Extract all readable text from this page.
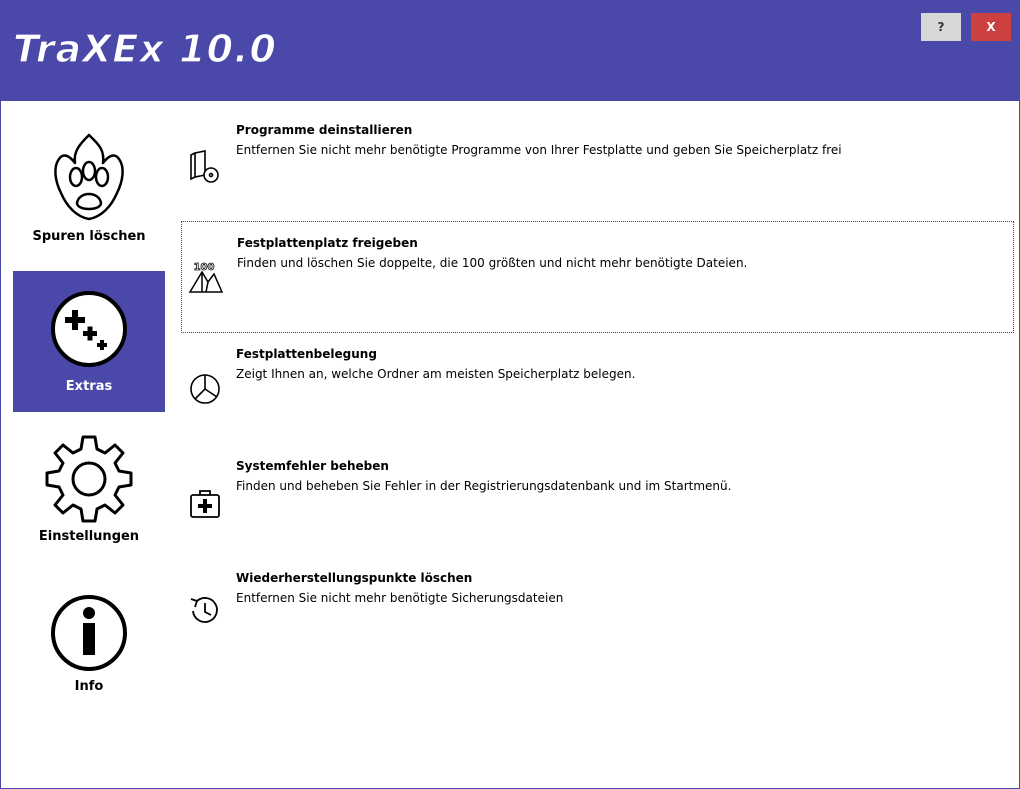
TraXEx 10.0	?	X
Spuren löschen
Extras
Einstellungen
Info
Programme deinstallieren
Entfernen Sie nicht mehr benötigte Programme von Ihrer Festplatte und geben Sie Speicherplatz frei
100
Festplattenplatz freigeben
Finden und löschen Sie doppelte, die 100 größten und nicht mehr benötigte Dateien.
Festplattenbelegung
Zeigt Ihnen an, welche Ordner am meisten Speicherplatz belegen.
Systemfehler beheben
Finden und beheben Sie Fehler in der Registrierungsdatenbank und im Startmenü.
Wiederherstellungspunkte löschen
Entfernen Sie nicht mehr benötigte Sicherungsdateien
